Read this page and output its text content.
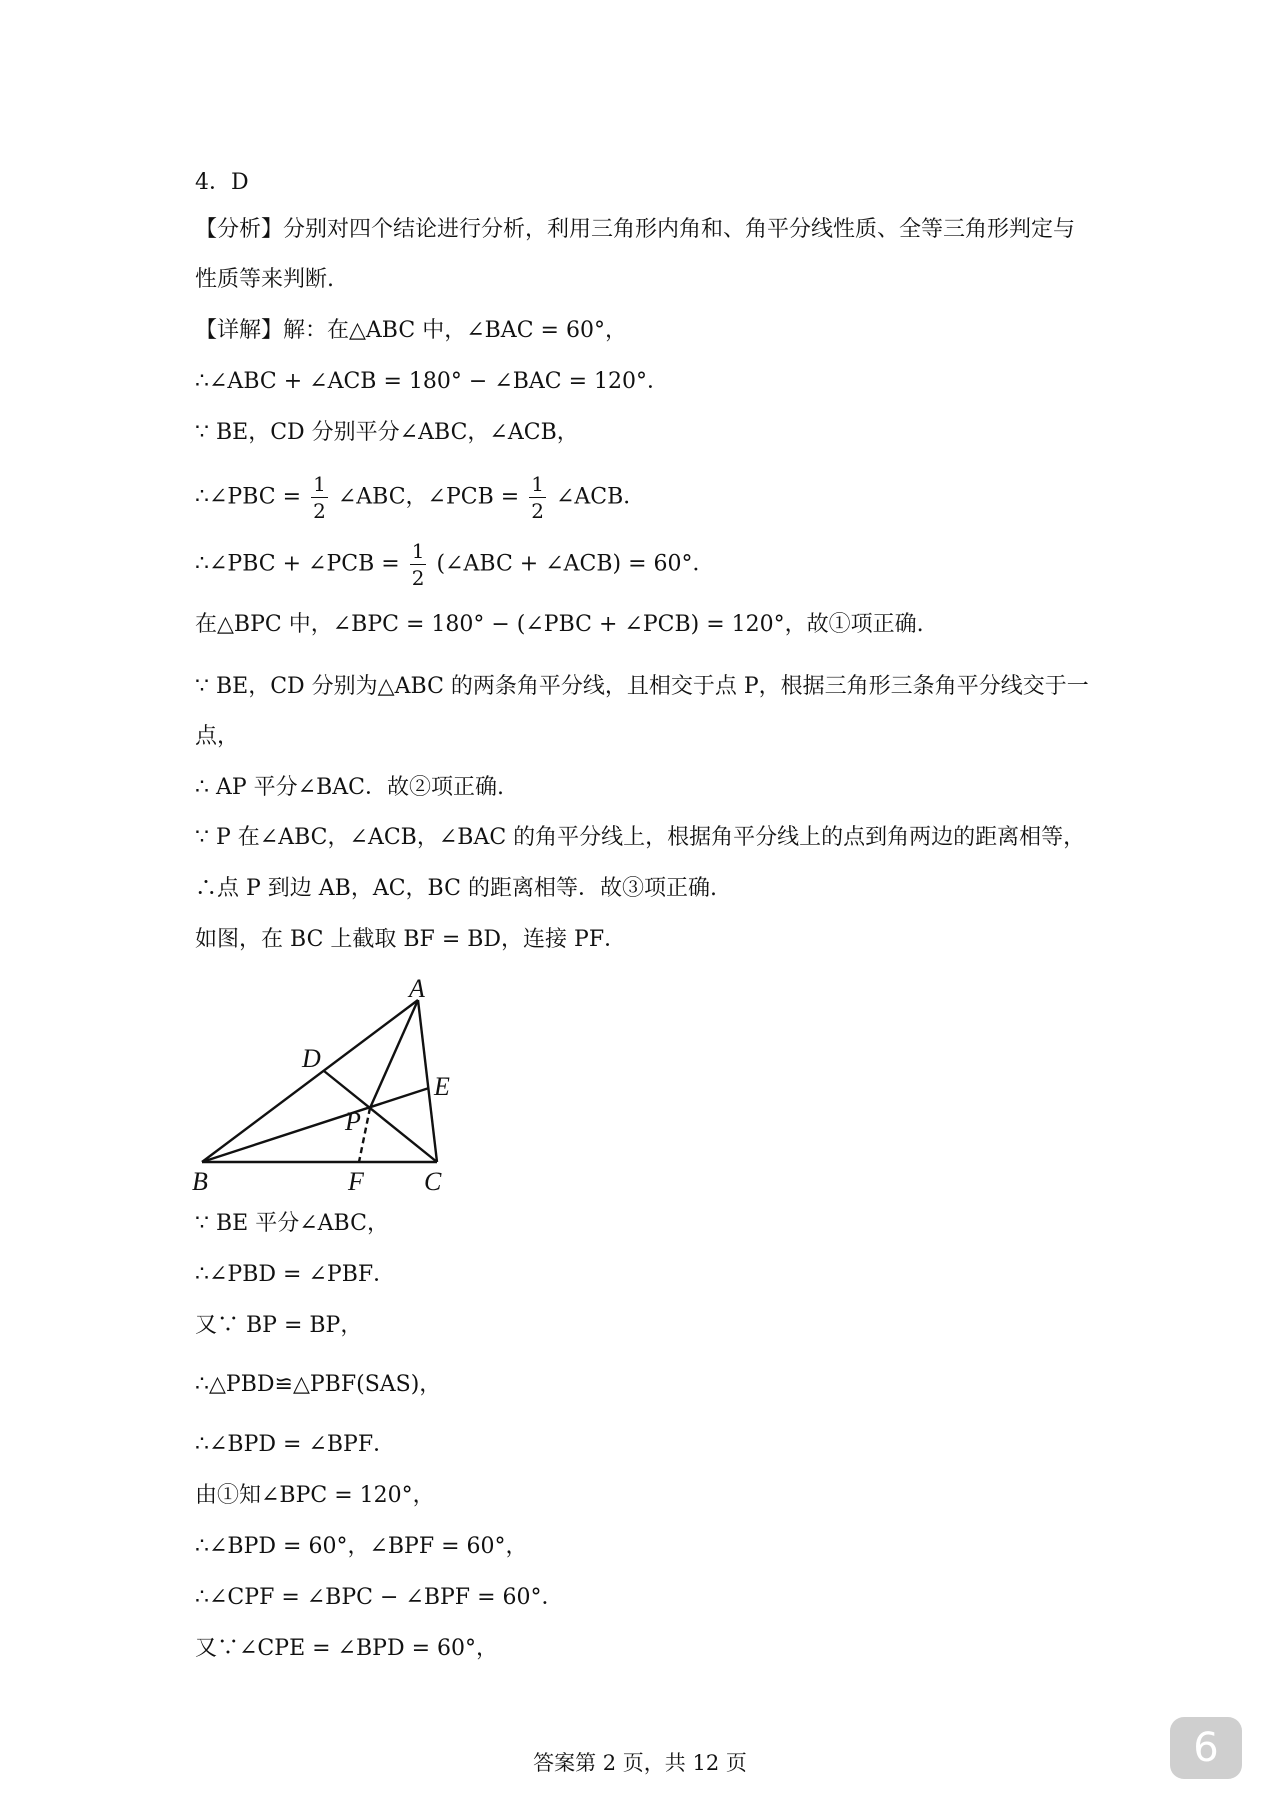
4．D

【分析】分别对四个结论进行分析，利用三角形内角和、角平分线性质、全等三角形判定与

性质等来判断.

【详解】解：在△ABC 中，∠BAC = 60°，

∴∠ABC + ∠ACB = 180° − ∠BAC = 120°．

∵ BE，CD 分别平分∠ABC，∠ACB，

∴∠PBC = $\frac{1}{2}$ ∠ABC，∠PCB = $\frac{1}{2}$ ∠ACB．

∴∠PBC + ∠PCB = $\frac{1}{2}$ (∠ABC + ∠ACB) = 60°．

在△BPC 中，∠BPC = 180° − (∠PBC + ∠PCB) = 120°，故①项正确.

∵ BE，CD 分别为△ABC 的两条角平分线，且相交于点 P，根据三角形三条角平分线交于一

点，

∴ AP 平分∠BAC．故②项正确.

∵ P 在∠ABC，∠ACB，∠BAC 的角平分线上，根据角平分线上的点到角两边的距离相等，

∴点 P 到边 AB，AC，BC 的距离相等．故③项正确.

如图，在 BC 上截取 BF = BD，连接 PF．

A
D
E
P
B	F C

∵ BE 平分∠ABC，

∴∠PBD = ∠PBF．

又∵ BP = BP，

∴△PBD≌△PBF(SAS)，

∴∠BPD = ∠BPF．

由①知∠BPC = 120°，

∴∠BPD = 60°，∠BPF = 60°，

∴∠CPF = ∠BPC − ∠BPF = 60°．

又∵∠CPE = ∠BPD = 60°，

答案第 2 页，共 12 页	6
